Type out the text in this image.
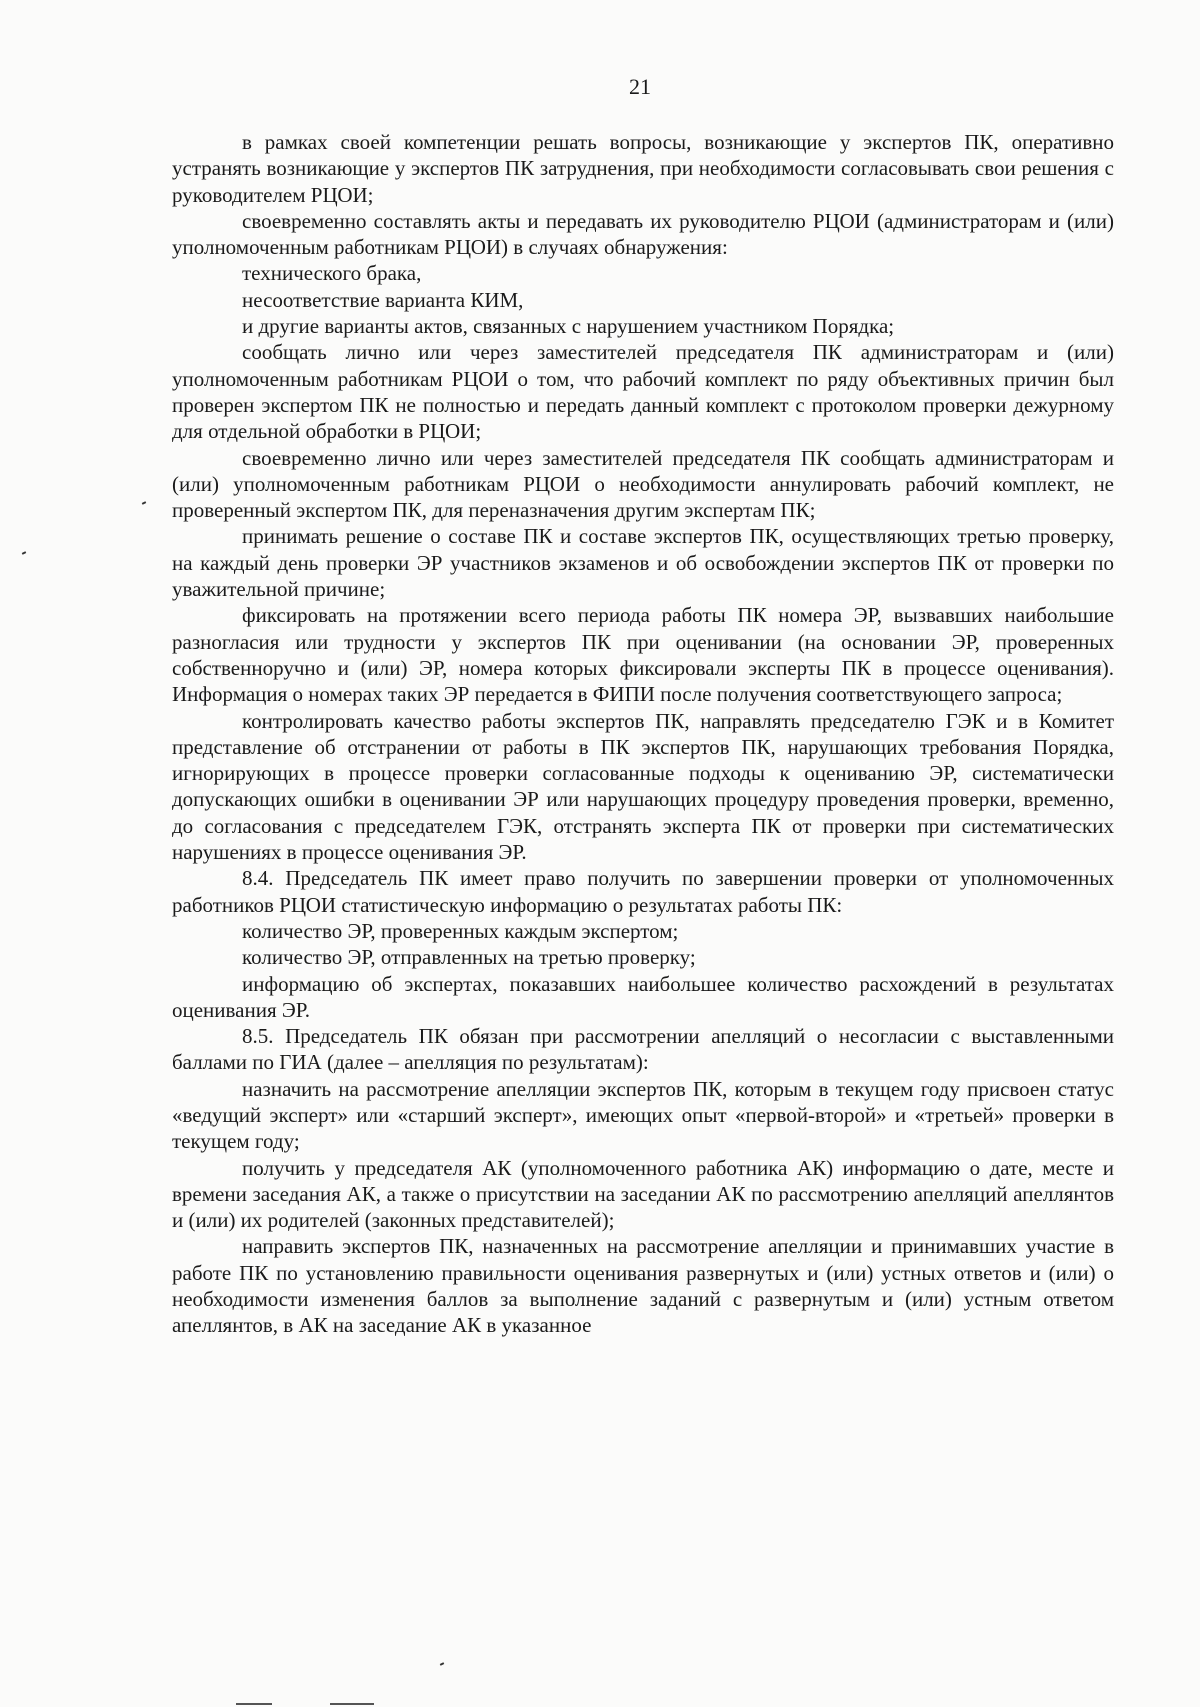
21

в рамках своей компетенции решать вопросы, возникающие у экспертов ПК, оперативно устранять возникающие у экспертов ПК затруднения, при необходимости согласовывать свои решения с руководителем РЦОИ;

своевременно составлять акты и передавать их руководителю РЦОИ (администраторам и (или) уполномоченным работникам РЦОИ) в случаях обнаружения:

технического брака,

несоответствие варианта КИМ,

и другие варианты актов, связанных с нарушением участником Порядка;

сообщать лично или через заместителей председателя ПК администраторам и (или) уполномоченным работникам РЦОИ о том, что рабочий комплект по ряду объективных причин был проверен экспертом ПК не полностью и передать данный комплект с протоколом проверки дежурному для отдельной обработки в РЦОИ;

своевременно лично или через заместителей председателя ПК сообщать администраторам и (или) уполномоченным работникам РЦОИ о необходимости аннулировать рабочий комплект, не проверенный экспертом ПК, для переназначения другим экспертам ПК;

принимать решение о составе ПК и составе экспертов ПК, осуществляющих третью проверку, на каждый день проверки ЭР участников экзаменов и об освобождении экспертов ПК от проверки по уважительной причине;

фиксировать на протяжении всего периода работы ПК номера ЭР, вызвавших наибольшие разногласия или трудности у экспертов ПК при оценивании (на основании ЭР, проверенных собственноручно и (или) ЭР, номера которых фиксировали эксперты ПК в процессе оценивания). Информация о номерах таких ЭР передается в ФИПИ после получения соответствующего запроса;

контролировать качество работы экспертов ПК, направлять председателю ГЭК и в Комитет представление об отстранении от работы в ПК экспертов ПК, нарушающих требования Порядка, игнорирующих в процессе проверки согласованные подходы к оцениванию ЭР, систематически допускающих ошибки в оценивании ЭР или нарушающих процедуру проведения проверки, временно, до согласования с председателем ГЭК, отстранять эксперта ПК от проверки при систематических нарушениях в процессе оценивания ЭР.

8.4. Председатель ПК имеет право получить по завершении проверки от уполномоченных работников РЦОИ статистическую информацию о результатах работы ПК:

количество ЭР, проверенных каждым экспертом;

количество ЭР, отправленных на третью проверку;

информацию об экспертах, показавших наибольшее количество расхождений в результатах оценивания ЭР.

8.5. Председатель ПК обязан при рассмотрении апелляций о несогласии с выставленными баллами по ГИА (далее – апелляция по результатам):

назначить на рассмотрение апелляции экспертов ПК, которым в текущем году присвоен статус «ведущий эксперт» или «старший эксперт», имеющих опыт «первой-второй» и «третьей» проверки в текущем году;

получить у председателя АК (уполномоченного работника АК) информацию о дате, месте и времени заседания АК, а также о присутствии на заседании АК по рассмотрению апелляций апеллянтов и (или) их родителей (законных представителей);

направить экспертов ПК, назначенных на рассмотрение апелляции и принимавших участие в работе ПК по установлению правильности оценивания развернутых и (или) устных ответов и (или) о необходимости изменения баллов за выполнение заданий с развернутым и (или) устным ответом апеллянтов, в АК на заседание АК в указанное
